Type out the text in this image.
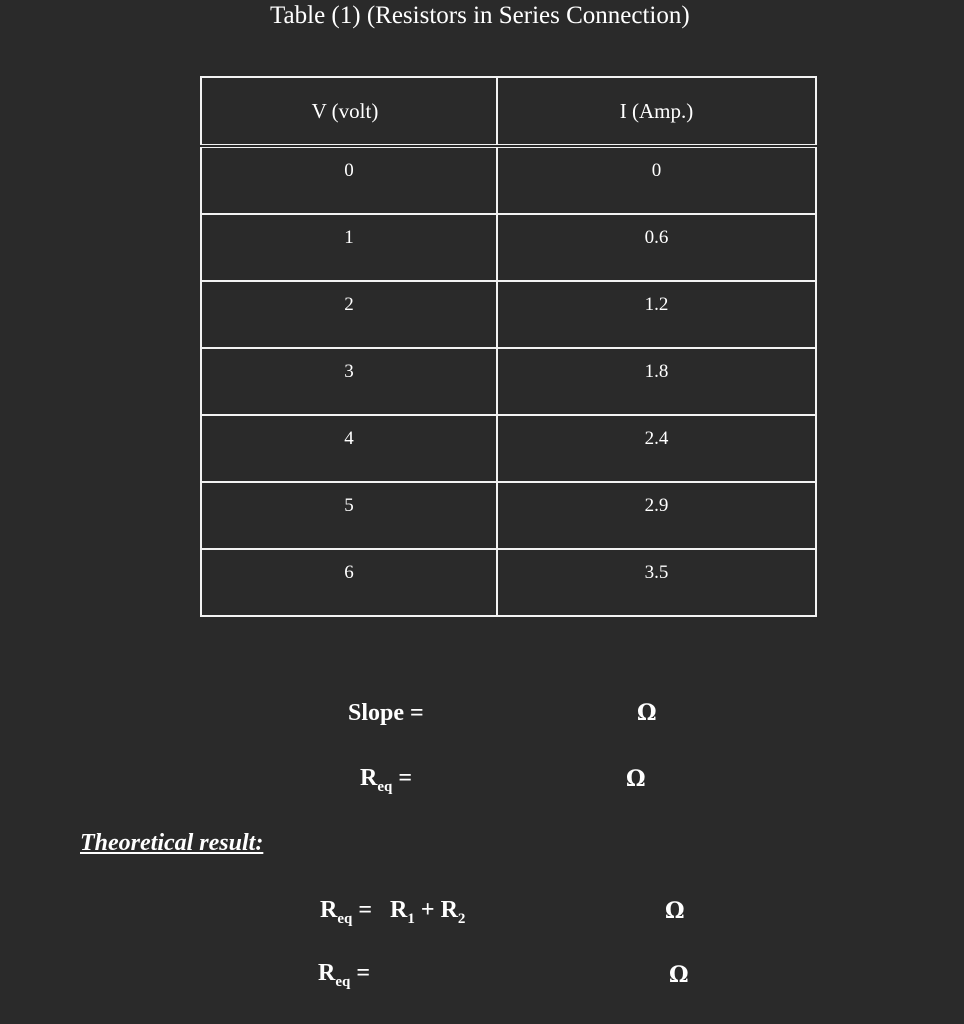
Table (1) (Resistors in Series Connection)
V (volt)	I (Amp.)
0	0
1	0.6
2	1.2
3	1.8
4	2.4
5	2.9
6	3.5
Slope =	Ω
$R_{eq}$ =	Ω
Theoretical result:
$R_{eq} = R_1 + R_2$	Ω
$R_{eq}$ =	Ω
